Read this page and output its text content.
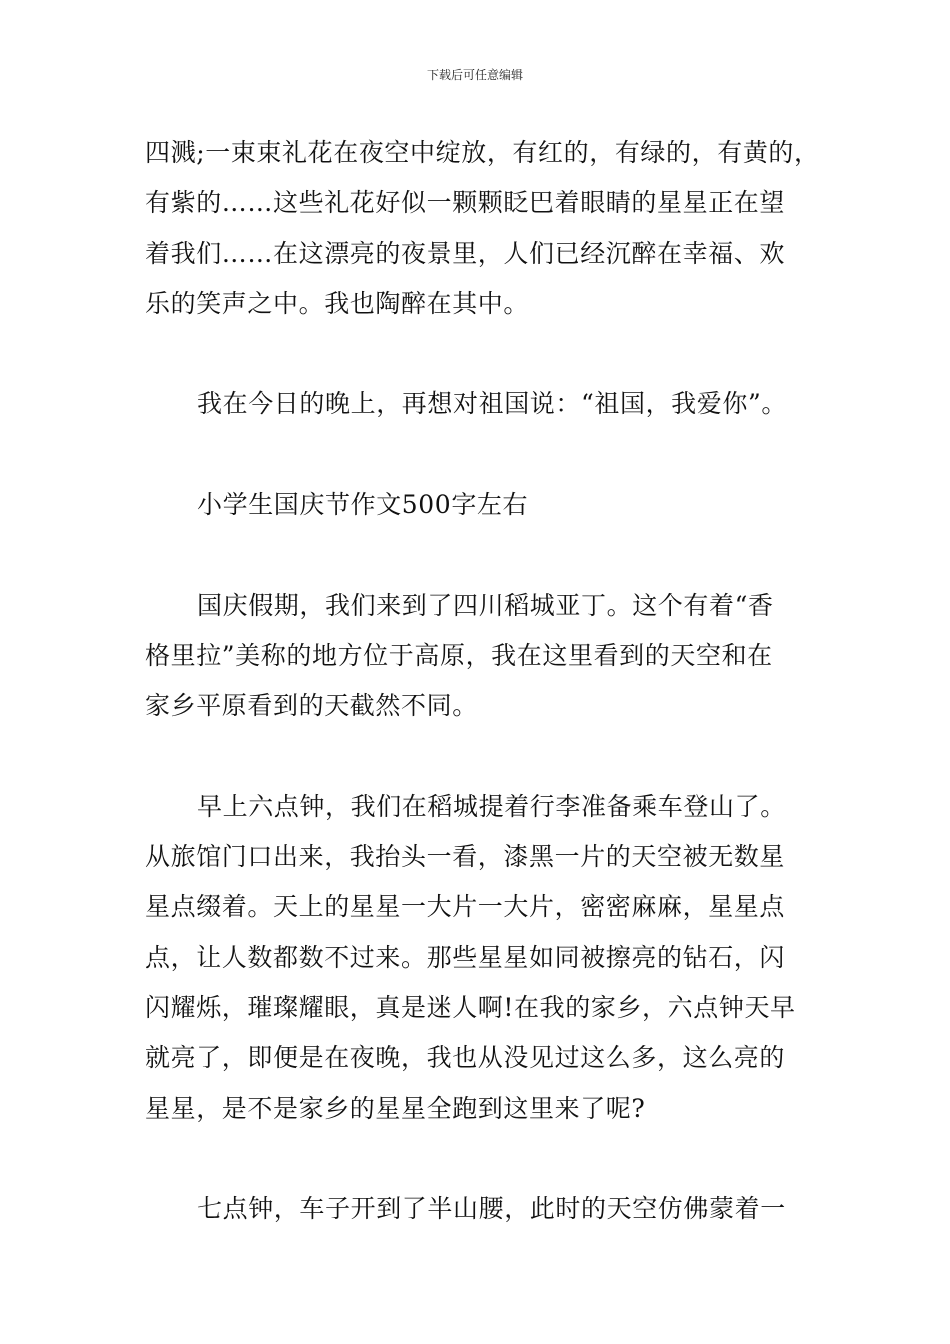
下载后可任意编辑
四溅;一束束礼花在夜空中绽放，有红的，有绿的，有黄的，
有紫的……这些礼花好似一颗颗眨巴着眼睛的星星正在望
着我们……在这漂亮的夜景里，人们已经沉醉在幸福、欢
乐的笑声之中。我也陶醉在其中。
我在今日的晚上，再想对祖国说：“祖国，我爱你”。
小学生国庆节作文500字左右
国庆假期，我们来到了四川稻城亚丁。这个有着“香
格里拉”美称的地方位于高原，我在这里看到的天空和在
家乡平原看到的天截然不同。
早上六点钟，我们在稻城提着行李准备乘车登山了。
从旅馆门口出来，我抬头一看，漆黑一片的天空被无数星
星点缀着。天上的星星一大片一大片，密密麻麻，星星点
点，让人数都数不过来。那些星星如同被擦亮的钻石，闪
闪耀烁，璀璨耀眼，真是迷人啊!在我的家乡，六点钟天早
就亮了，即便是在夜晚，我也从没见过这么多，这么亮的
星星，是不是家乡的星星全跑到这里来了呢?
七点钟，车子开到了半山腰，此时的天空仿佛蒙着一
